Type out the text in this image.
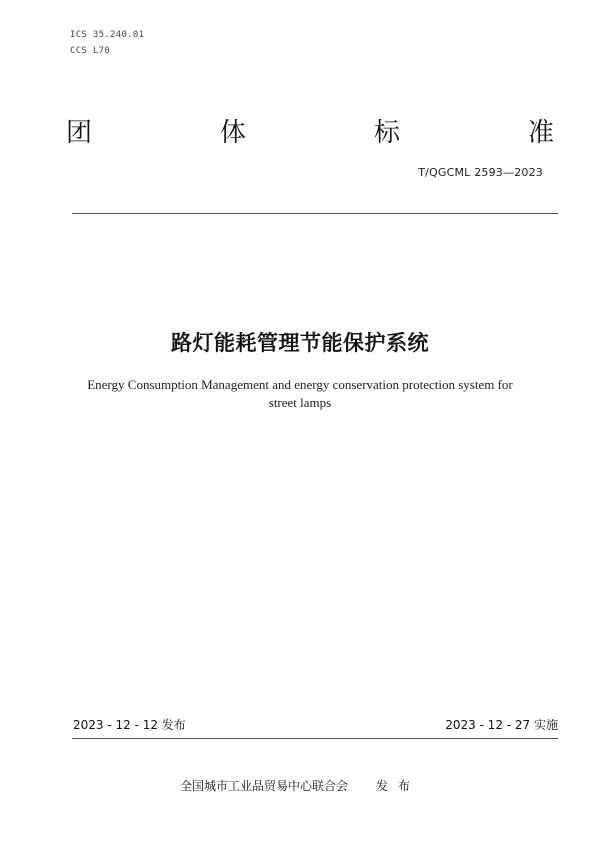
ICS 35.240.01
CCS L70
团	体	标	准
T/QGCML 2593—2023
路灯能耗管理节能保护系统
Energy Consumption Management and energy conservation protection system for
street lamps
2023 - 12 - 12 发布	2023 - 12 - 27 实施
全国城市工业品贸易中心联合会 发布
